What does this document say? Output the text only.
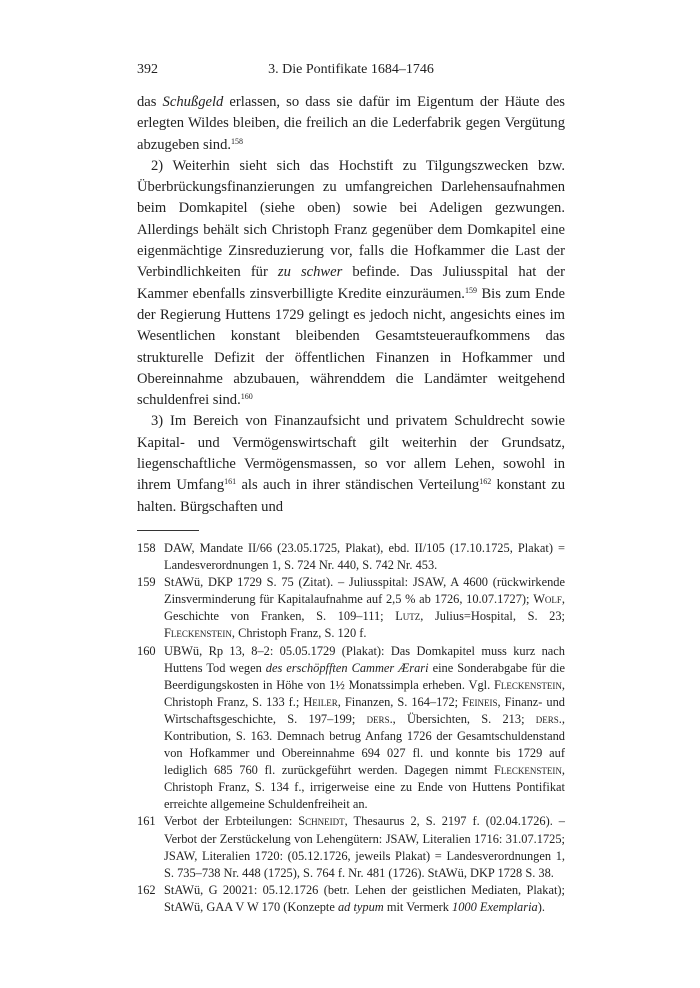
392	3. Die Pontifikate 1684–1746

das Schußgeld erlassen, so dass sie dafür im Eigentum der Häute des erlegten Wildes bleiben, die freilich an die Lederfabrik gegen Vergütung abzugeben sind.$^{158}$

2) Weiterhin sieht sich das Hochstift zu Tilgungszwecken bzw. Überbrückungsfinanzierungen zu umfangreichen Darlehensaufnahmen beim Domkapitel (siehe oben) sowie bei Adeligen gezwungen. Allerdings behält sich Christoph Franz gegenüber dem Domkapitel eine eigenmächtige Zinsreduzierung vor, falls die Hofkammer die Last der Verbindlichkeiten für zu schwer befinde. Das Juliusspital hat der Kammer ebenfalls zinsverbilligte Kredite einzuräumen.$^{159}$ Bis zum Ende der Regierung Huttens 1729 gelingt es jedoch nicht, angesichts eines im Wesentlichen konstant bleibenden Gesamtsteueraufkommens das strukturelle Defizit der öffentlichen Finanzen in Hofkammer und Obereinnahme abzubauen, währenddem die Landämter weitgehend schuldenfrei sind.$^{160}$

3) Im Bereich von Finanzaufsicht und privatem Schuldrecht sowie Kapital- und Vermögenswirtschaft gilt weiterhin der Grundsatz, liegenschaftliche Vermögensmassen, so vor allem Lehen, sowohl in ihrem Umfang$^{161}$ als auch in ihrer ständischen Verteilung$^{162}$ konstant zu halten. Bürgschaften und

158 DAW, Mandate II/66 (23.05.1725, Plakat), ebd. II/105 (17.10.1725, Plakat) = Landesverordnungen 1, S. 724 Nr. 440, S. 742 Nr. 453.
159 StAWü, DKP 1729 S. 75 (Zitat). – Juliusspital: JSAW, A 4600 (rückwirkende Zinsverminderung für Kapitalaufnahme auf 2,5 % ab 1726, 10.07.1727); Wolf, Geschichte von Franken, S. 109–111; Lutz, Julius=Hospital, S. 23; Fleckenstein, Christoph Franz, S. 120 f.
160 UBWü, Rp 13, 8–2: 05.05.1729 (Plakat): Das Domkapitel muss kurz nach Huttens Tod wegen des erschöpfften Cammer Ærari eine Sonderabgabe für die Beerdigungskosten in Höhe von 1½ Monatssimpla erheben. Vgl. Fleckenstein, Christoph Franz, S. 133 f.; Heiler, Finanzen, S. 164–172; Feineis, Finanz- und Wirtschaftsgeschichte, S. 197–199; ders., Übersichten, S. 213; ders., Kontribution, S. 163. Demnach betrug Anfang 1726 der Gesamtschuldenstand von Hofkammer und Obereinnahme 694 027 fl. und konnte bis 1729 auf lediglich 685 760 fl. zurückgeführt werden. Dagegen nimmt Fleckenstein, Christoph Franz, S. 134 f., irrigerweise eine zu Ende von Huttens Pontifikat erreichte allgemeine Schuldenfreiheit an.
161 Verbot der Erbteilungen: Schneidt, Thesaurus 2, S. 2197 f. (02.04.1726). – Verbot der Zerstückelung von Lehengütern: JSAW, Literalien 1716: 31.07.1725; JSAW, Literalien 1720: (05.12.1726, jeweils Plakat) = Landesverordnungen 1, S. 735–738 Nr. 448 (1725), S. 764 f. Nr. 481 (1726). StAWü, DKP 1728 S. 38.
162 StAWü, G 20021: 05.12.1726 (betr. Lehen der geistlichen Mediaten, Plakat); StAWü, GAA V W 170 (Konzepte ad typum mit Vermerk 1000 Exemplaria).
